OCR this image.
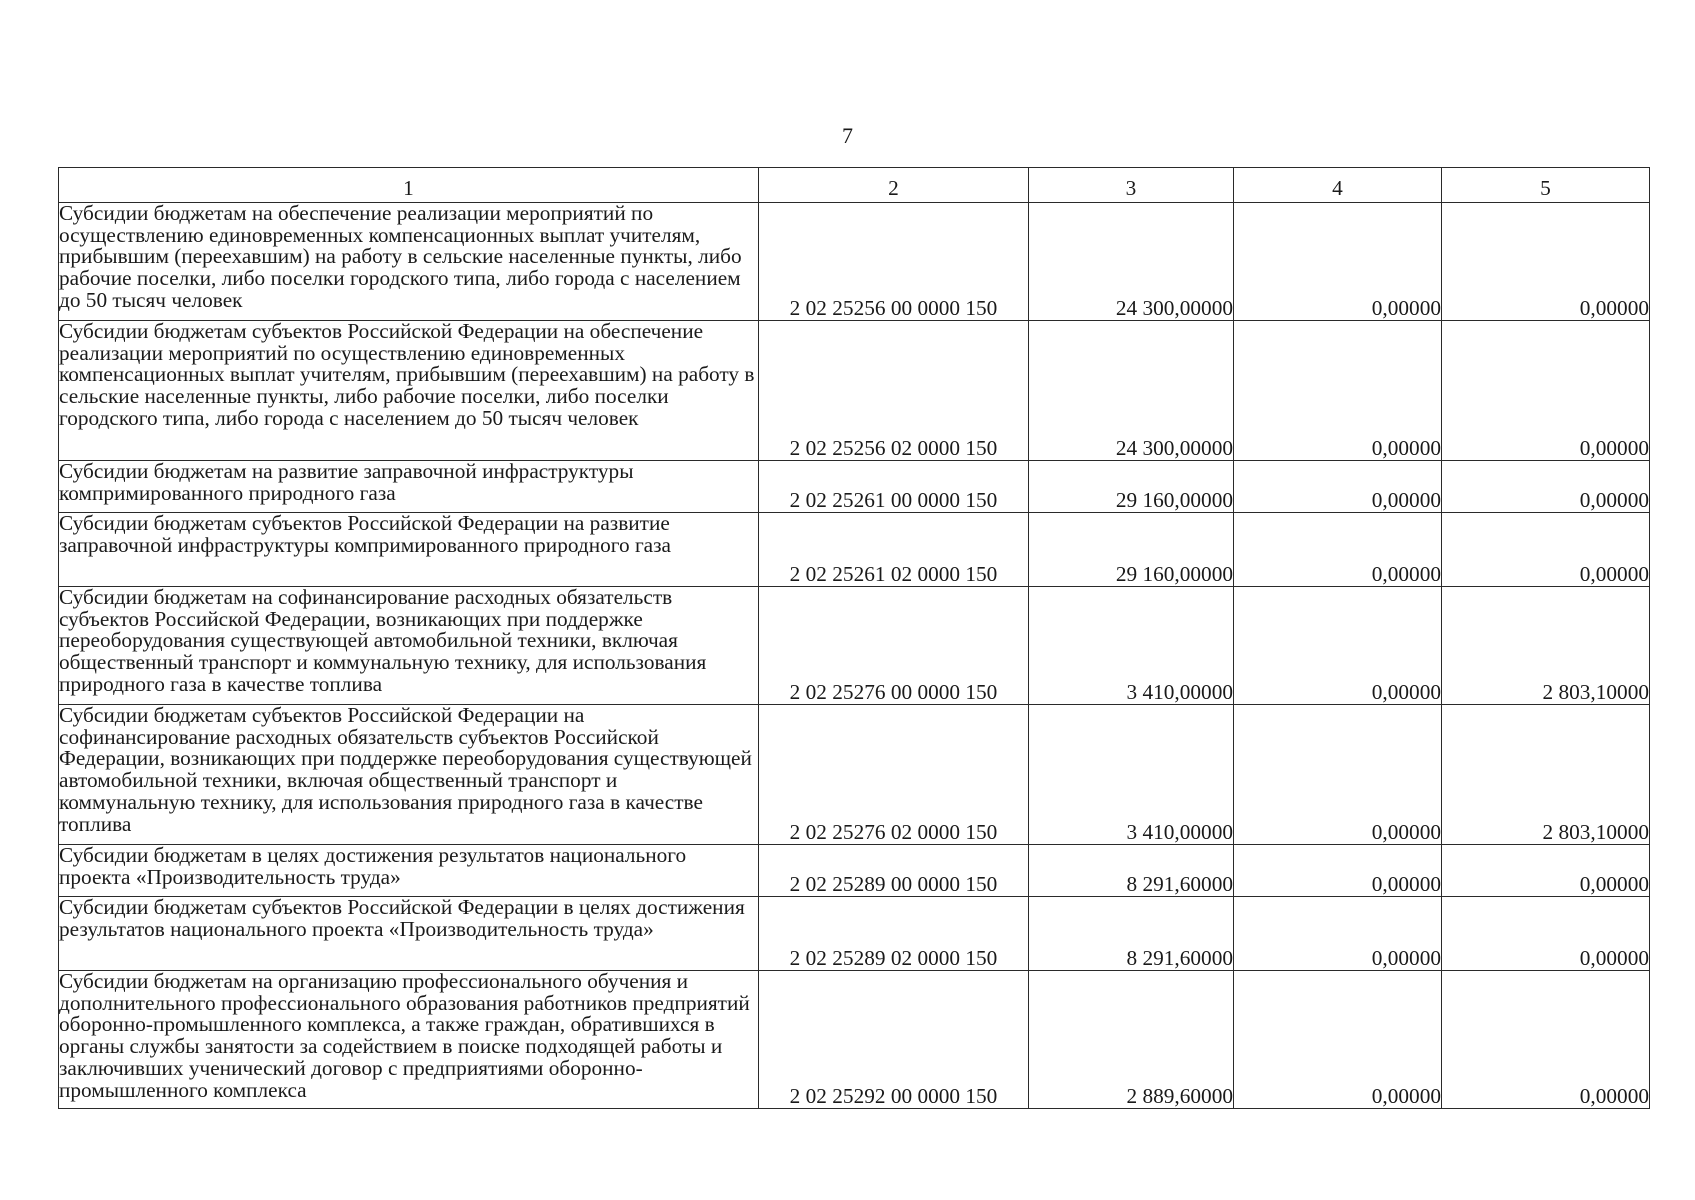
7
1	2	3	4	5
Субсидии бюджетам на обеспечение реализации мероприятий по осуществлению единовременных компенсационных выплат учителям, прибывшим (переехавшим) на работу в сельские населенные пункты, либо рабочие поселки, либо поселки городского типа, либо города с населением до 50 тысяч человек	2 02 25256 00 0000 150	24 300,00000	0,00000	0,00000
Субсидии бюджетам субъектов Российской Федерации на обеспечение реализации мероприятий по осуществлению единовременных компенсационных выплат учителям, прибывшим (переехавшим) на работу в сельские населенные пункты, либо рабочие поселки, либо поселки городского типа, либо города с населением до 50 тысяч человек	2 02 25256 02 0000 150	24 300,00000	0,00000	0,00000
Субсидии бюджетам на развитие заправочной инфраструктуры компримированного природного газа	2 02 25261 00 0000 150	29 160,00000	0,00000	0,00000
Субсидии бюджетам субъектов Российской Федерации на развитие заправочной инфраструктуры компримированного природного газа	2 02 25261 02 0000 150	29 160,00000	0,00000	0,00000
Субсидии бюджетам на софинансирование расходных обязательств субъектов Российской Федерации, возникающих при поддержке переоборудования существующей автомобильной техники, включая общественный транспорт и коммунальную технику, для использования природного газа в качестве топлива	2 02 25276 00 0000 150	3 410,00000	0,00000	2 803,10000
Субсидии бюджетам субъектов Российской Федерации на софинансирование расходных обязательств субъектов Российской Федерации, возникающих при поддержке переоборудования существующей автомобильной техники, включая общественный транспорт и коммунальную технику, для использования природного газа в качестве топлива	2 02 25276 02 0000 150	3 410,00000	0,00000	2 803,10000
Субсидии бюджетам в целях достижения результатов национального проекта «Производительность труда»	2 02 25289 00 0000 150	8 291,60000	0,00000	0,00000
Субсидии бюджетам субъектов Российской Федерации в целях достижения результатов национального проекта «Производительность труда»	2 02 25289 02 0000 150	8 291,60000	0,00000	0,00000
Субсидии бюджетам на организацию профессионального обучения и дополнительного профессионального образования работников предприятий оборонно-промышленного комплекса, а также граждан, обратившихся в органы службы занятости за содействием в поиске подходящей работы и заключивших ученический договор с предприятиями оборонно-промышленного комплекса	2 02 25292 00 0000 150	2 889,60000	0,00000	0,00000
